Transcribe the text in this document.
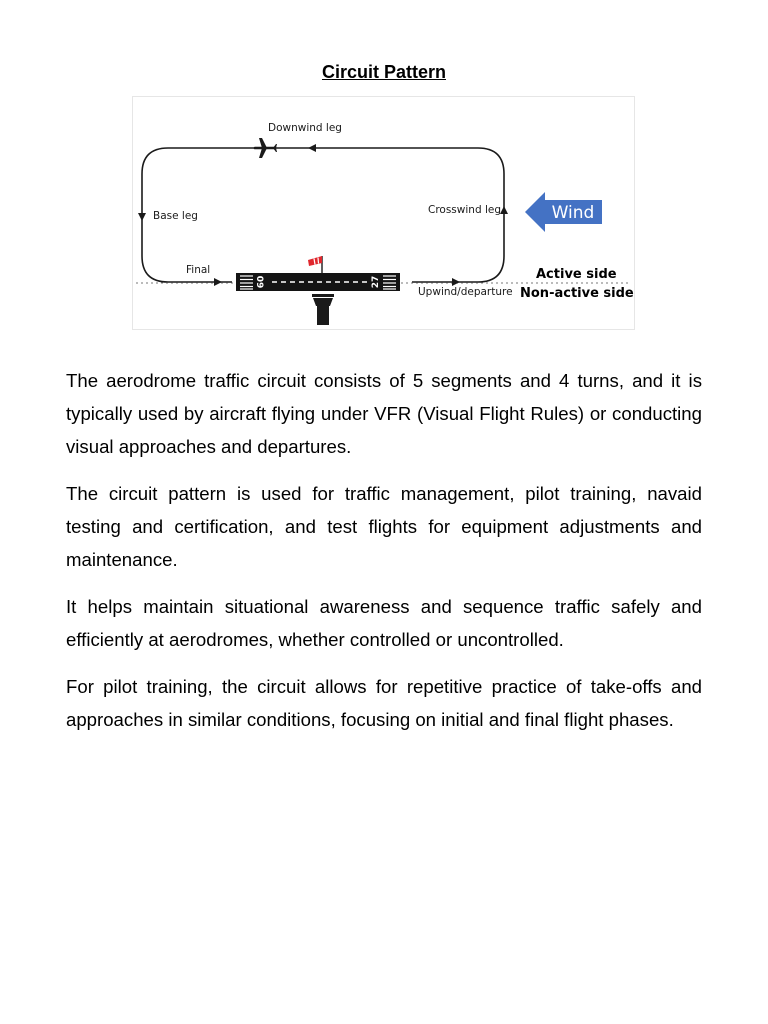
Circuit Pattern
Downwind leg
Base leg	Crosswind leg
Final
Upwind/departure
09	27
Wind
Active side
Non-active side

The aerodrome traffic circuit consists of 5 segments and 4 turns, and it is typically used by aircraft flying under VFR (Visual Flight Rules) or conducting visual approaches and departures.

The circuit pattern is used for traffic management, pilot training, navaid testing and certification, and test flights for equipment adjustments and maintenance.

It helps maintain situational awareness and sequence traffic safely and efficiently at aerodromes, whether controlled or uncontrolled.

For pilot training, the circuit allows for repetitive practice of take-offs and approaches in similar conditions, focusing on initial and final flight phases.
